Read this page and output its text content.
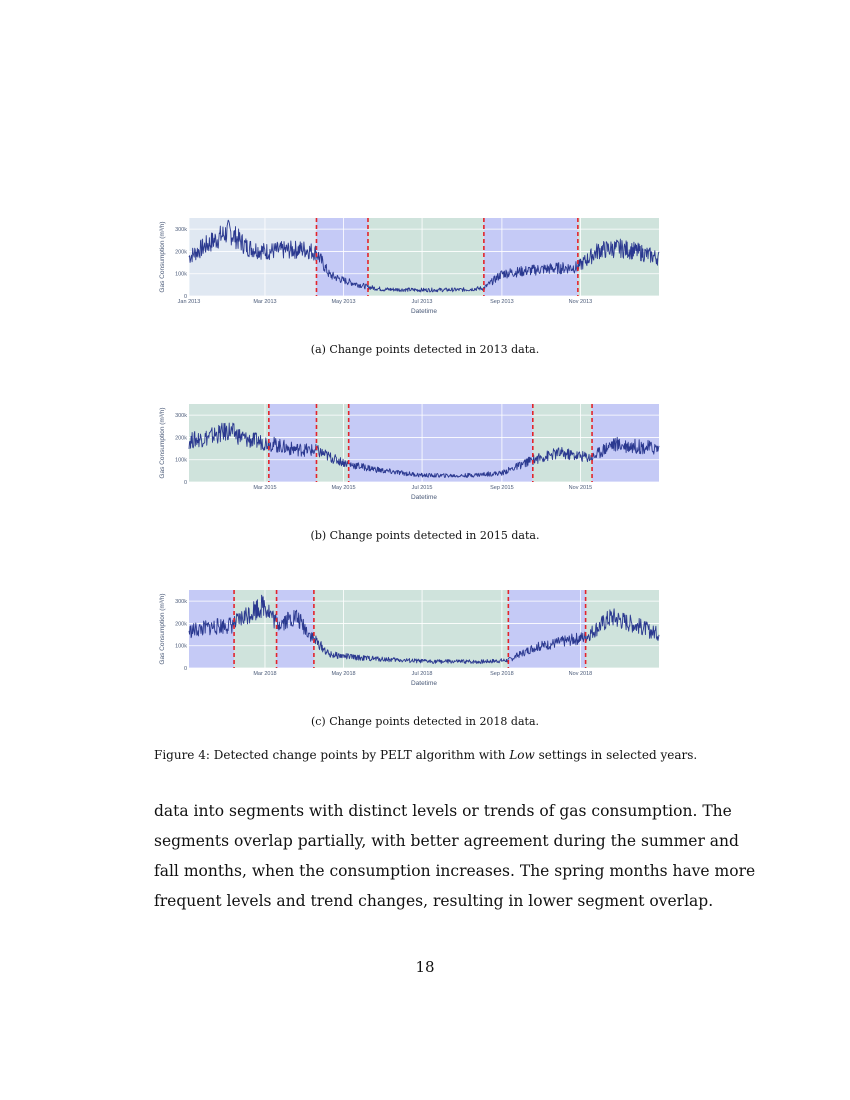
0
100k
200k
300k
Jan 2013	Mar 2013	May 2013	Jul 2013	Sep 2013	Nov 2013
Datetime
Gas Consumption (m³/h)
(a) Change points detected in 2013 data.
0
100k
200k
300k
Mar 2015	May 2015	Jul 2015	Sep 2015	Nov 2015
Datetime
Gas Consumption (m³/h)
(b) Change points detected in 2015 data.
0
100k
200k
300k
Mar 2018	May 2018	Jul 2018	Sep 2018	Nov 2018
Datetime
Gas Consumption (m³/h)
(c) Change points detected in 2018 data.
Figure 4: Detected change points by PELT algorithm with Low settings in selected years.
data into segments with distinct levels or trends of gas consumption. The
segments overlap partially, with better agreement during the summer and
fall months, when the consumption increases. The spring months have more
frequent levels and trend changes, resulting in lower segment overlap.
18
